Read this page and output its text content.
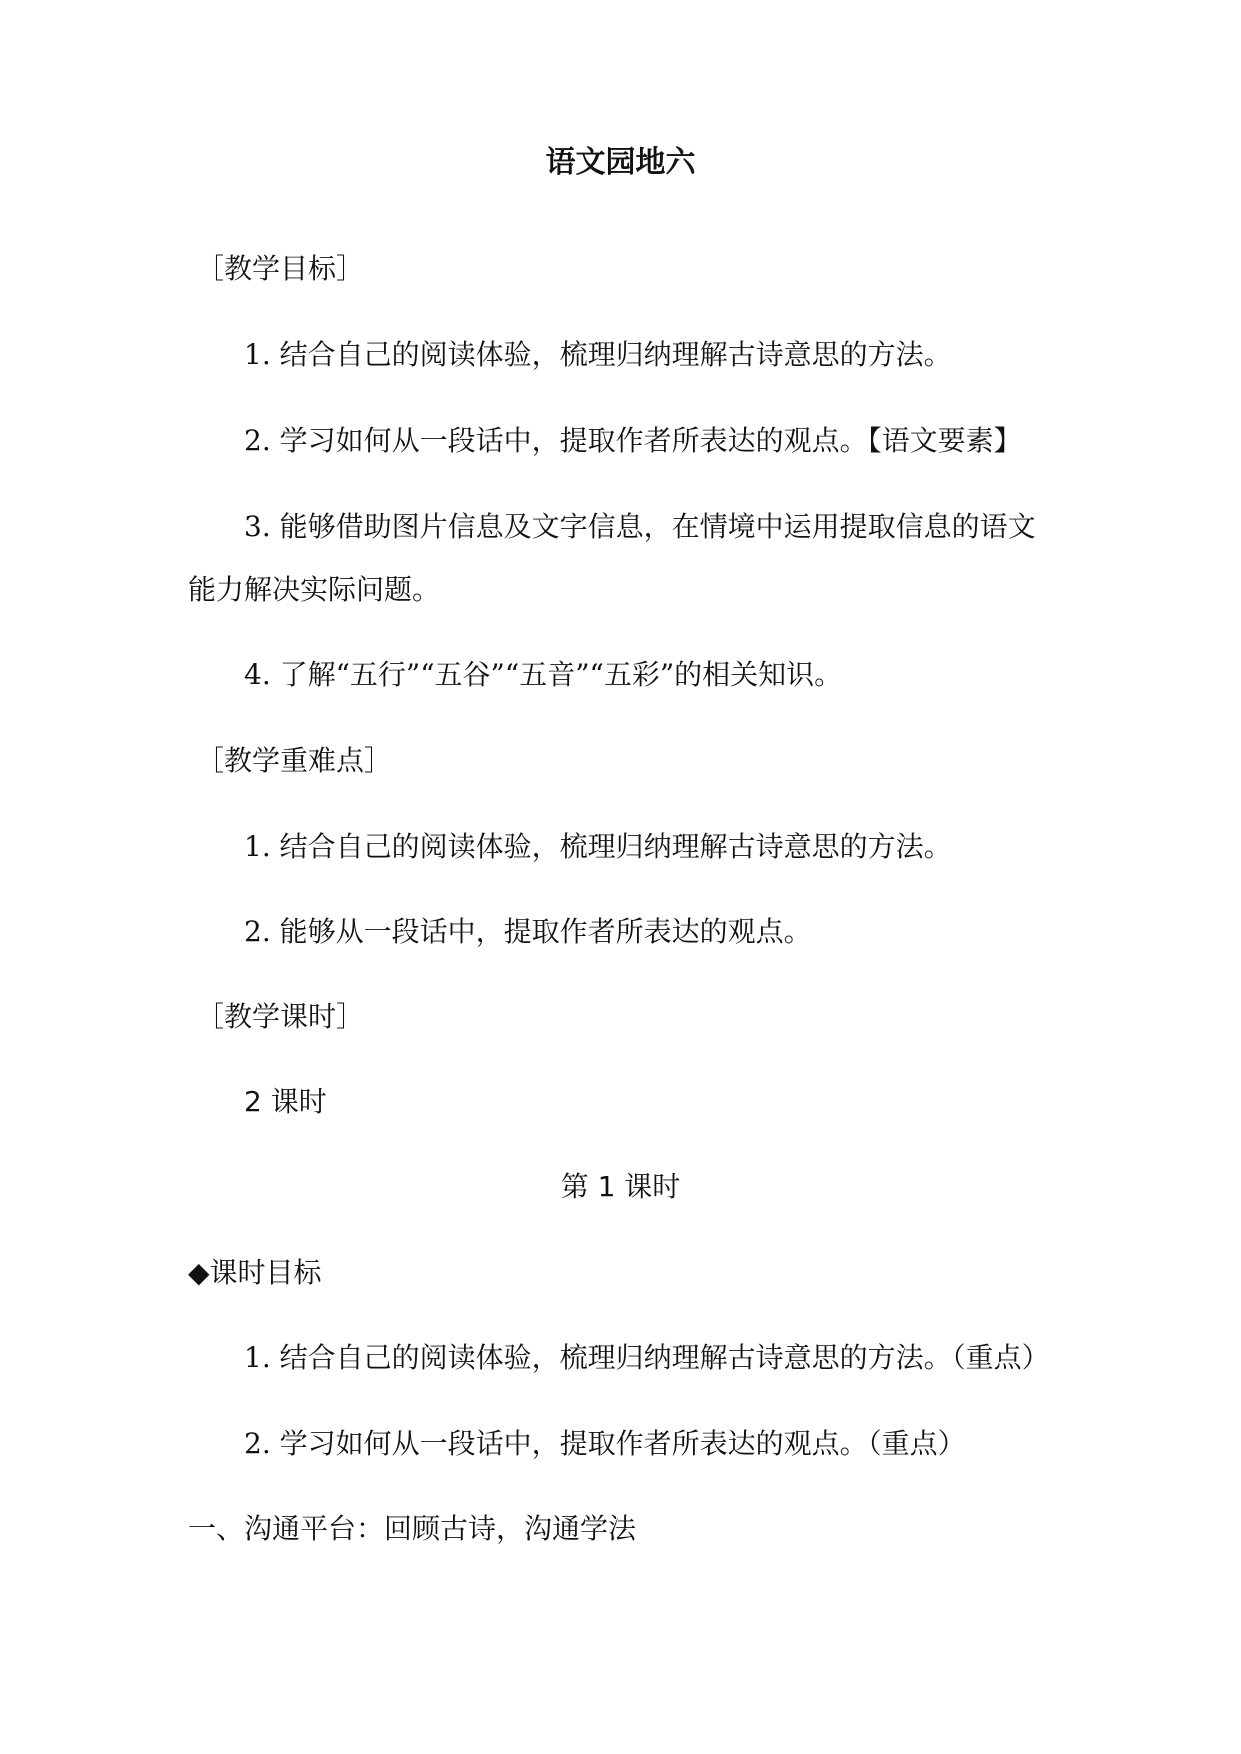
语文园地六
［教学目标］
1. 结合自己的阅读体验，梳理归纳理解古诗意思的方法。
2. 学习如何从一段话中，提取作者所表达的观点。【语文要素】
3. 能够借助图片信息及文字信息，在情境中运用提取信息的语文
能力解决实际问题。
4. 了解“五行”“五谷”“五音”“五彩”的相关知识。
［教学重难点］
1. 结合自己的阅读体验，梳理归纳理解古诗意思的方法。
2. 能够从一段话中，提取作者所表达的观点。
［教学课时］
2 课时
第 1 课时
◆课时目标
1. 结合自己的阅读体验，梳理归纳理解古诗意思的方法。（重点）
2. 学习如何从一段话中，提取作者所表达的观点。（重点）
一、沟通平台：回顾古诗，沟通学法
